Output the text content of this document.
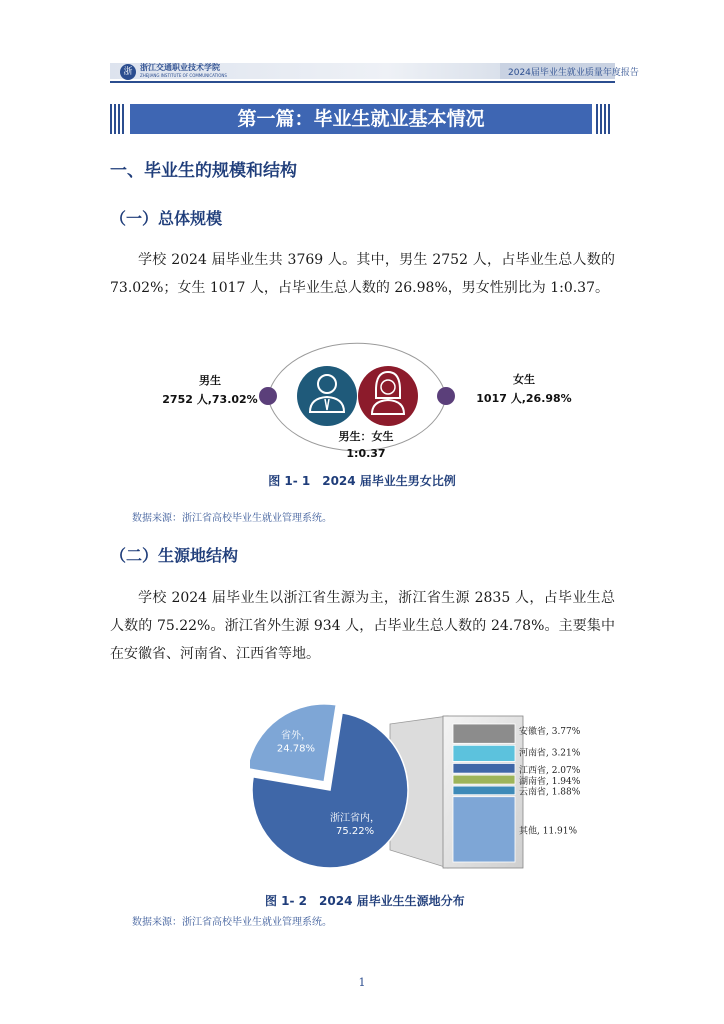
浙 浙江交通职业技术学院
ZHEJIANG INSTITUTE OF COMMUNICATIONS	2024届毕业生就业质量年度报告
第一篇：毕业生就业基本情况
一、毕业生的规模和结构
（一）总体规模

学校 2024 届毕业生共 3769 人。其中，男生 2752 人，占毕业生总人数的73.02%；女生 1017 人，占毕业生总人数的 26.98%，男女性别比为 1:0.37。

男生
2752 人,73.02%
女生
1017 人,26.98%
男生：女生
1:0.37
图 1- 1　2024 届毕业生男女比例
数据来源：浙江省高校毕业生就业管理系统。
（二）生源地结构

学校 2024 届毕业生以浙江省生源为主，浙江省生源 2835 人，占毕业生总人数的 75.22%。浙江省外生源 934 人，占毕业生总人数的 24.78%。主要集中在安徽省、河南省、江西省等地。

浙江省内，
75.22%
省外，
24.78%
安徽省, 3.77%
河南省, 3.21%
江西省, 2.07%
湖南省, 1.94%
云南省, 1.88%
其他, 11.91%
图 1- 2　2024 届毕业生生源地分布
数据来源：浙江省高校毕业生就业管理系统。
1
